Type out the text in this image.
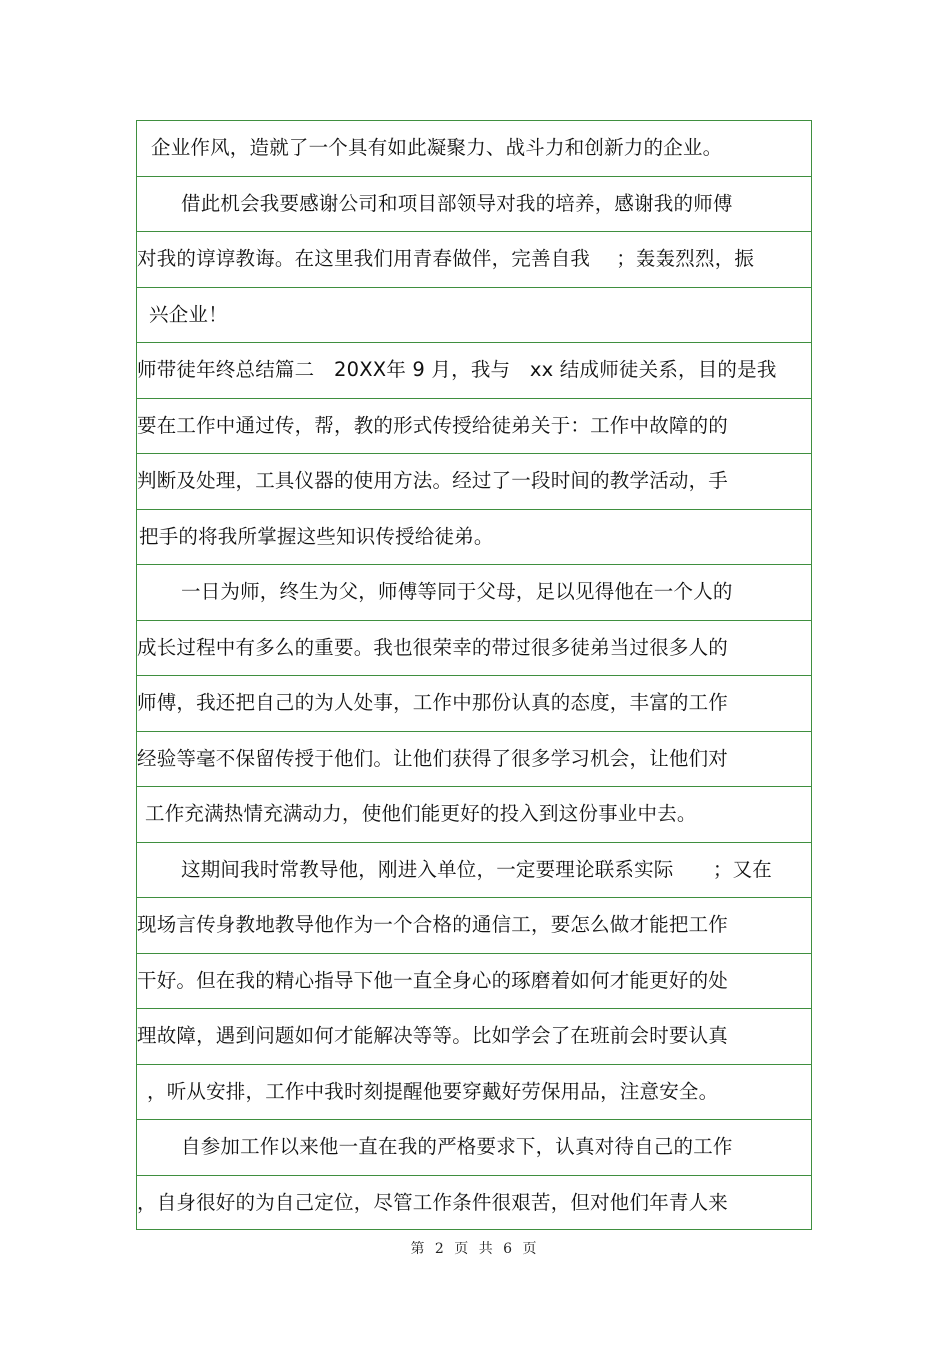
企业作风，造就了一个具有如此凝聚力、战斗力和创新力的企业。
借此机会我要感谢公司和项目部领导对我的培养，感谢我的师傅
对我的谆谆教诲。在这里我们用青春做伴，完善自我　 ；轰轰烈烈，振
兴企业！
师带徒年终总结篇二　20XX年 9 月，我与　xx 结成师徒关系，目的是我
要在工作中通过传，帮，教的形式传授给徒弟关于：工作中故障的的
判断及处理，工具仪器的使用方法。经过了一段时间的教学活动，手
把手的将我所掌握这些知识传授给徒弟。
一日为师，终生为父，师傅等同于父母，足以见得他在一个人的
成长过程中有多么的重要。我也很荣幸的带过很多徒弟当过很多人的
师傅，我还把自己的为人处事，工作中那份认真的态度，丰富的工作
经验等毫不保留传授于他们。让他们获得了很多学习机会，让他们对
工作充满热情充满动力，使他们能更好的投入到这份事业中去。
这期间我时常教导他，刚进入单位，一定要理论联系实际　　；又在
现场言传身教地教导他作为一个合格的通信工，要怎么做才能把工作
干好。但在我的精心指导下他一直全身心的琢磨着如何才能更好的处
理故障，遇到问题如何才能解决等等。比如学会了在班前会时要认真
，听从安排，工作中我时刻提醒他要穿戴好劳保用品，注意安全。
自参加工作以来他一直在我的严格要求下，认真对待自己的工作
，自身很好的为自己定位，尽管工作条件很艰苦，但对他们年青人来
第 2 页 共 6 页
